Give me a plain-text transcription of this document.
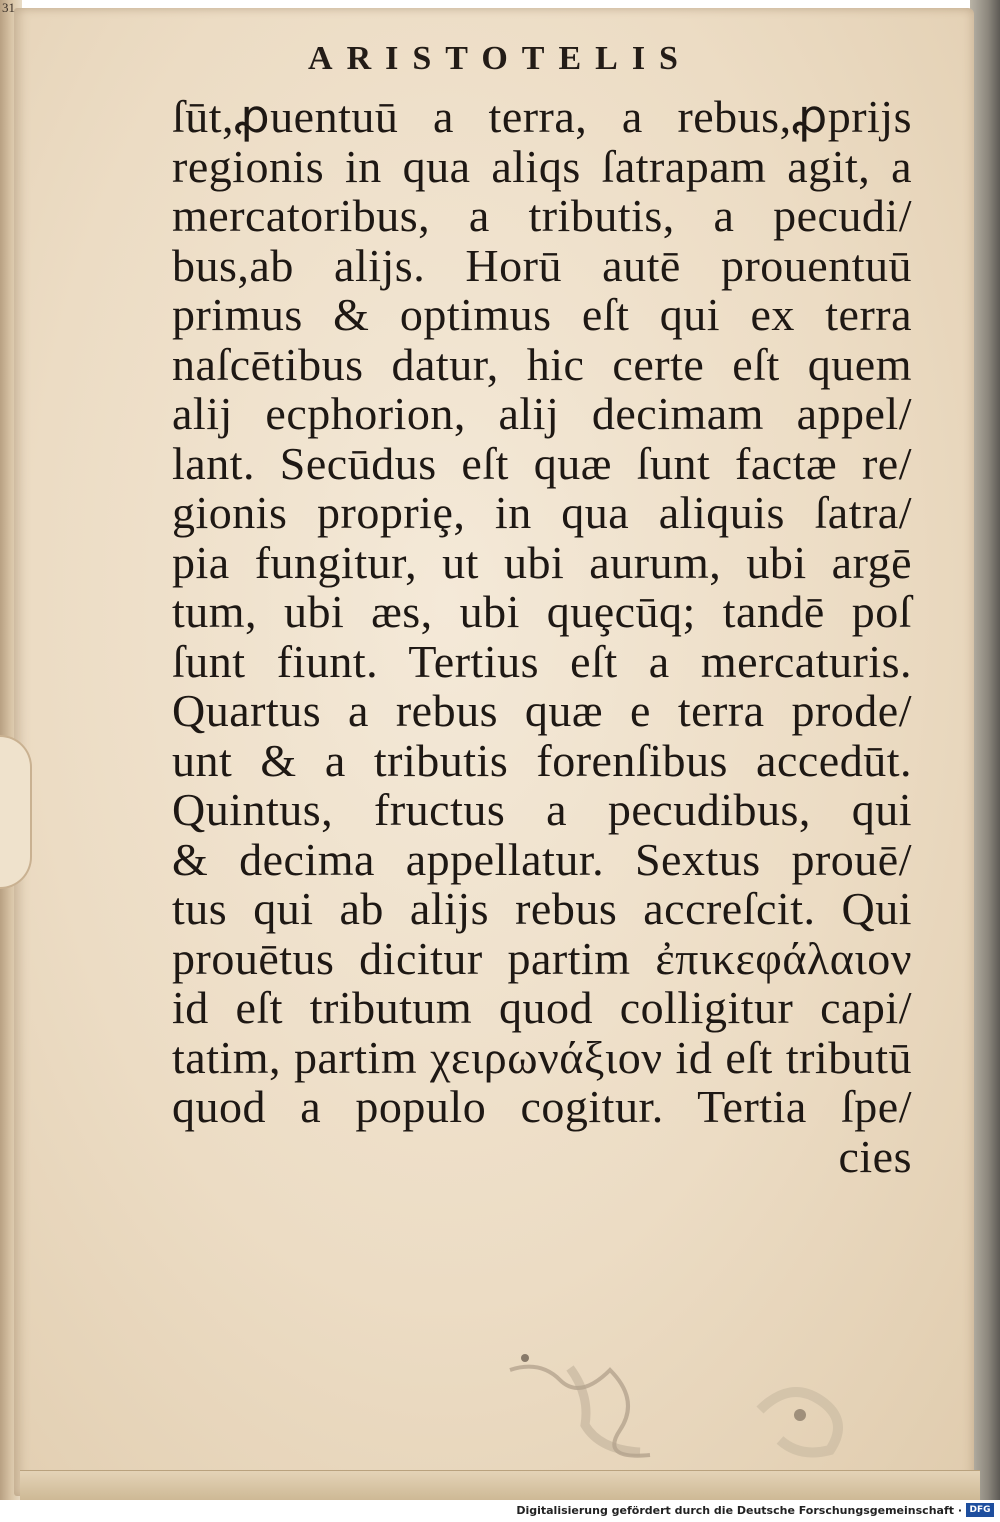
31
ARISTOTELIS
ſūt,ꝓuentuū a terra, a rebus,ꝓprijs
regionis in qua aliqs ſatrapam agit, a
mercatoribus, a tributis, a pecudi/
bus,ab alijs. Horū autē prouentuū
primus & optimus eſt qui ex terra
naſcētibus datur, hic certe eſt quem
alij ecphorion, alij decimam appel/
lant. Secūdus eſt quæ ſunt factæ re/
gionis propriȩ, in qua aliquis ſatra/
pia fungitur, ut ubi aurum, ubi argē
tum, ubi æs, ubi quȩcūq; tandē poſ
ſunt fiunt. Tertius eſt a mercaturis.
Quartus a rebus quæ e terra prode/
unt & a tributis forenſibus accedūt.
Quintus, fructus a pecudibus, qui
& decima appellatur. Sextus prouē/
tus qui ab alijs rebus accreſcit. Qui
prouētus dicitur partim ἐπικεφάλαιον
id eſt tributum quod colligitur capi/
tatim, partim χειρωνάξιον id eſt tributū
quod a populo cogitur. Tertia ſpe/
cies
Digitalisierung gefördert durch die Deutsche Forschungsgemeinschaft · DFG
